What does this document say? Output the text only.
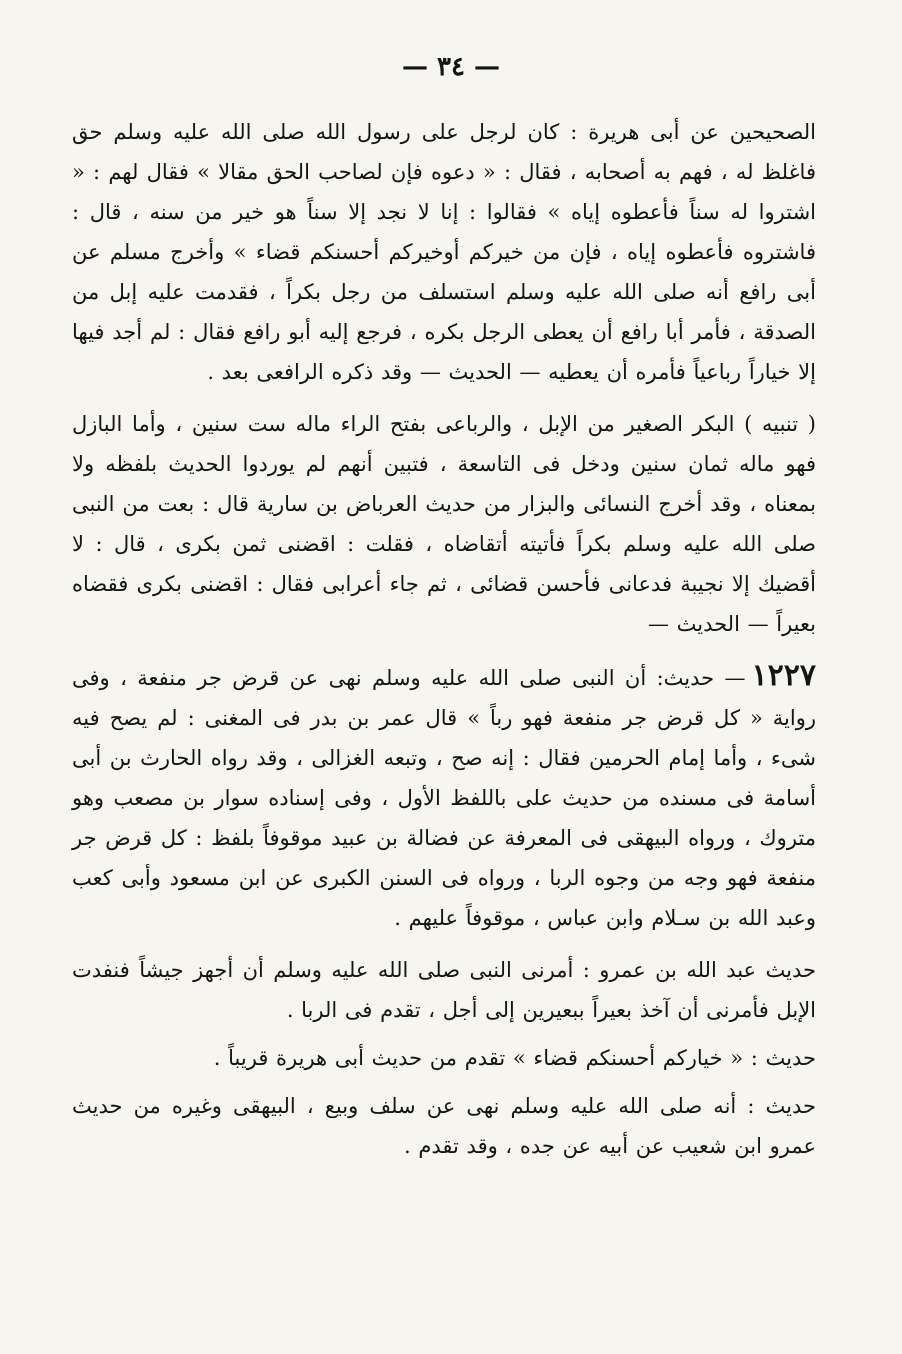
— ٣٤ —

الصحيحين عن أبى هريرة : كان لرجل على رسول الله صلى الله عليه وسلم حق فاغلظ له ، فهم به أصحابه ، فقال : « دعوه فإن لصاحب الحق مقالا » فقال لهم : « اشتروا له سناً فأعطوه إياه » فقالوا : إنا لا نجد إلا سناً هو خير من سنه ، قال : فاشتروه فأعطوه إياه ، فإن من خيركم أوخيركم أحسنكم قضاء » وأخرج مسلم عن أبى رافع أنه صلى الله عليه وسلم استسلف من رجل بكراً ، فقدمت عليه إبل من الصدقة ، فأمر أبا رافع أن يعطى الرجل بكره ، فرجع إليه أبو رافع فقال : لم أجد فيها إلا خياراً رباعياً فأمره أن يعطيه — الحديث — وقد ذكره الرافعى بعد .

( تنبيه ) البكر الصغير من الإبل ، والرباعى بفتح الراء ماله ست سنين ، وأما البازل فهو ماله ثمان سنين ودخل فى التاسعة ، فتبين أنهم لم يوردوا الحديث بلفظه ولا بمعناه ، وقد أخرج النسائى والبزار من حديث العرباض بن سارية قال : بعت من النبى صلى الله عليه وسلم بكراً فأتيته أتقاضاه ، فقلت : اقضنى ثمن بكرى ، قال : لا أقضيك إلا نجيبة فدعانى فأحسن قضائى ، ثم جاء أعرابى فقال : اقضنى بكرى فقضاه بعيراً — الحديث —

١٢٢٧— حديث: أن النبى صلى الله عليه وسلم نهى عن قرض جر منفعة ، وفى رواية « كل قرض جر منفعة فهو رباً » قال عمر بن بدر فى المغنى : لم يصح فيه شىء ، وأما إمام الحرمين فقال : إنه صح ، وتبعه الغزالى ، وقد رواه الحارث بن أبى أسامة فى مسنده من حديث على باللفظ الأول ، وفى إسناده سوار بن مصعب وهو متروك ، ورواه البيهقى فى المعرفة عن فضالة بن عبيد موقوفاً بلفظ : كل قرض جر منفعة فهو وجه من وجوه الربا ، ورواه فى السنن الكبرى عن ابن مسعود وأبى كعب وعبد الله بن سـلام وابن عباس ، موقوفاً عليهم .

حديث عبد الله بن عمرو : أمرنى النبى صلى الله عليه وسلم أن أجهز جيشاً فنفدت الإبل فأمرنى أن آخذ بعيراً ببعيرين إلى أجل ، تقدم فى الربا .

حديث : « خياركم أحسنكم قضاء » تقدم من حديث أبى هريرة قريباً .

حديث : أنه صلى الله عليه وسلم نهى عن سلف وبيع ، البيهقى وغيره من حديث عمرو ابن شعيب عن أبيه عن جده ، وقد تقدم .
